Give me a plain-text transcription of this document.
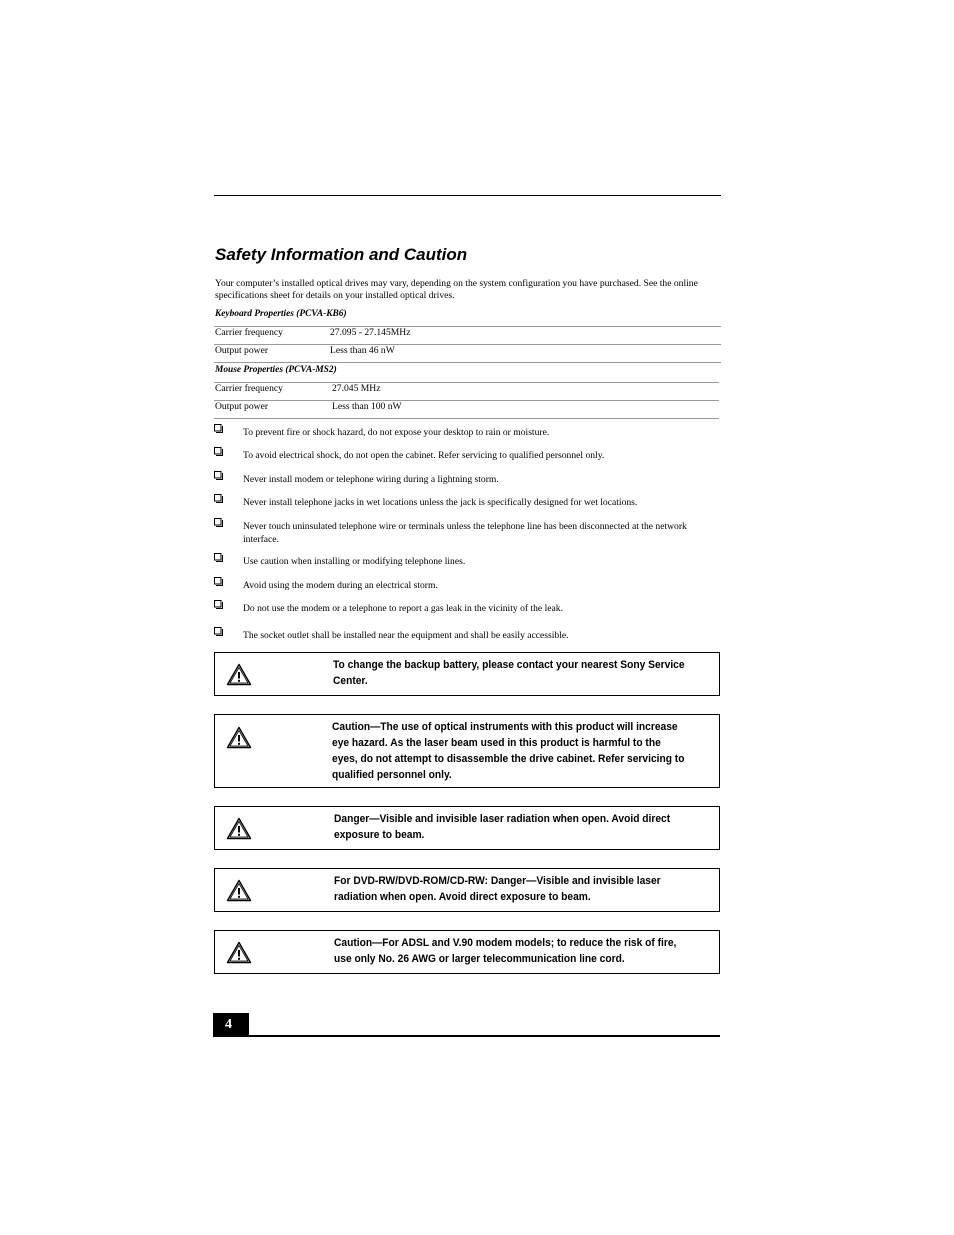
Safety Information and Caution

Your computer’s installed optical drives may vary, depending on the system configuration you have purchased. See the online specifications sheet for details on your installed optical drives.

Keyboard Properties (PCVA-KB6)

Carrier frequency	27.095 - 27.145MHz
Output power	Less than 46 nW

Mouse Properties (PCVA-MS2)

Carrier frequency	27.045 MHz
Output power	Less than 100 nW
To prevent fire or shock hazard, do not expose your desktop to rain or moisture.
To avoid electrical shock, do not open the cabinet. Refer servicing to qualified personnel only.
Never install modem or telephone wiring during a lightning storm.
Never install telephone jacks in wet locations unless the jack is specifically designed for wet locations.
Never touch uninsulated telephone wire or terminals unless the telephone line has been disconnected at the network interface.
Use caution when installing or modifying telephone lines.
Avoid using the modem during an electrical storm.
Do not use the modem or a telephone to report a gas leak in the vicinity of the leak.
The socket outlet shall be installed near the equipment and shall be easily accessible.
To change the backup battery, please contact your nearest Sony Service Center.
Caution—The use of optical instruments with this product will increase eye hazard. As the laser beam used in this product is harmful to the eyes, do not attempt to disassemble the drive cabinet. Refer servicing to qualified personnel only.
Danger—Visible and invisible laser radiation when open. Avoid direct exposure to beam.
For DVD-RW/DVD-ROM/CD-RW: Danger—Visible and invisible laser radiation when open. Avoid direct exposure to beam.
Caution—For ADSL and V.90 modem models; to reduce the risk of fire, use only No. 26 AWG or larger telecommunication line cord.
4
